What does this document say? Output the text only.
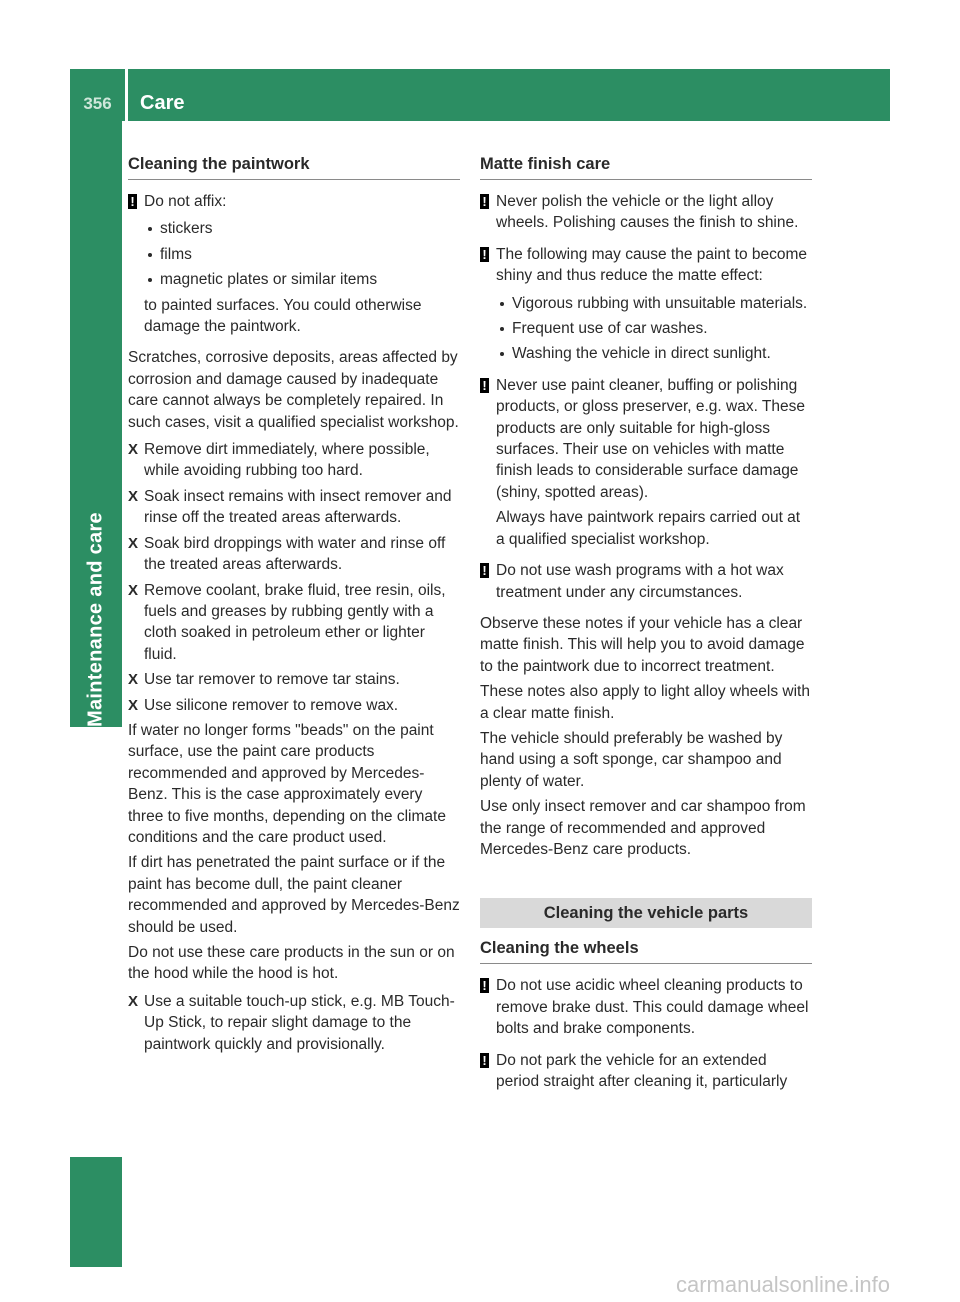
356	Care
Maintenance and care
Cleaning the paintwork
! Do not affix:
stickers
films
magnetic plates or similar items
to painted surfaces. You could otherwise damage the paintwork.

Scratches, corrosive deposits, areas affected by corrosion and damage caused by inadequate care cannot always be completely repaired. In such cases, visit a qualified specialist workshop.

X Remove dirt immediately, where possible, while avoiding rubbing too hard.
X Soak insect remains with insect remover and rinse off the treated areas afterwards.
X Soak bird droppings with water and rinse off the treated areas afterwards.
X Remove coolant, brake fluid, tree resin, oils, fuels and greases by rubbing gently with a cloth soaked in petroleum ether or lighter fluid.
X Use tar remover to remove tar stains.
X Use silicone remover to remove wax.

If water no longer forms "beads" on the paint surface, use the paint care products recommended and approved by Mercedes-Benz. This is the case approximately every three to five months, depending on the climate conditions and the care product used.

If dirt has penetrated the paint surface or if the paint has become dull, the paint cleaner recommended and approved by Mercedes-Benz should be used.

Do not use these care products in the sun or on the hood while the hood is hot.

X Use a suitable touch-up stick, e.g. MB Touch-Up Stick, to repair slight damage to the paintwork quickly and provisionally.
Matte finish care
! Never polish the vehicle or the light alloy wheels. Polishing causes the finish to shine.
! The following may cause the paint to become shiny and thus reduce the matte effect:
Vigorous rubbing with unsuitable materials.
Frequent use of car washes.
Washing the vehicle in direct sunlight.
! Never use paint cleaner, buffing or polishing products, or gloss preserver, e.g. wax. These products are only suitable for high-gloss surfaces. Their use on vehicles with matte finish leads to considerable surface damage (shiny, spotted areas).
Always have paintwork repairs carried out at a qualified specialist workshop.
! Do not use wash programs with a hot wax treatment under any circumstances.

Observe these notes if your vehicle has a clear matte finish. This will help you to avoid damage to the paintwork due to incorrect treatment.

These notes also apply to light alloy wheels with a clear matte finish.

The vehicle should preferably be washed by hand using a soft sponge, car shampoo and plenty of water.

Use only insect remover and car shampoo from the range of recommended and approved Mercedes-Benz care products.

Cleaning the vehicle parts
Cleaning the wheels
! Do not use acidic wheel cleaning products to remove brake dust. This could damage wheel bolts and brake components.
! Do not park the vehicle for an extended period straight after cleaning it, particularly
carmanualsonline.info
